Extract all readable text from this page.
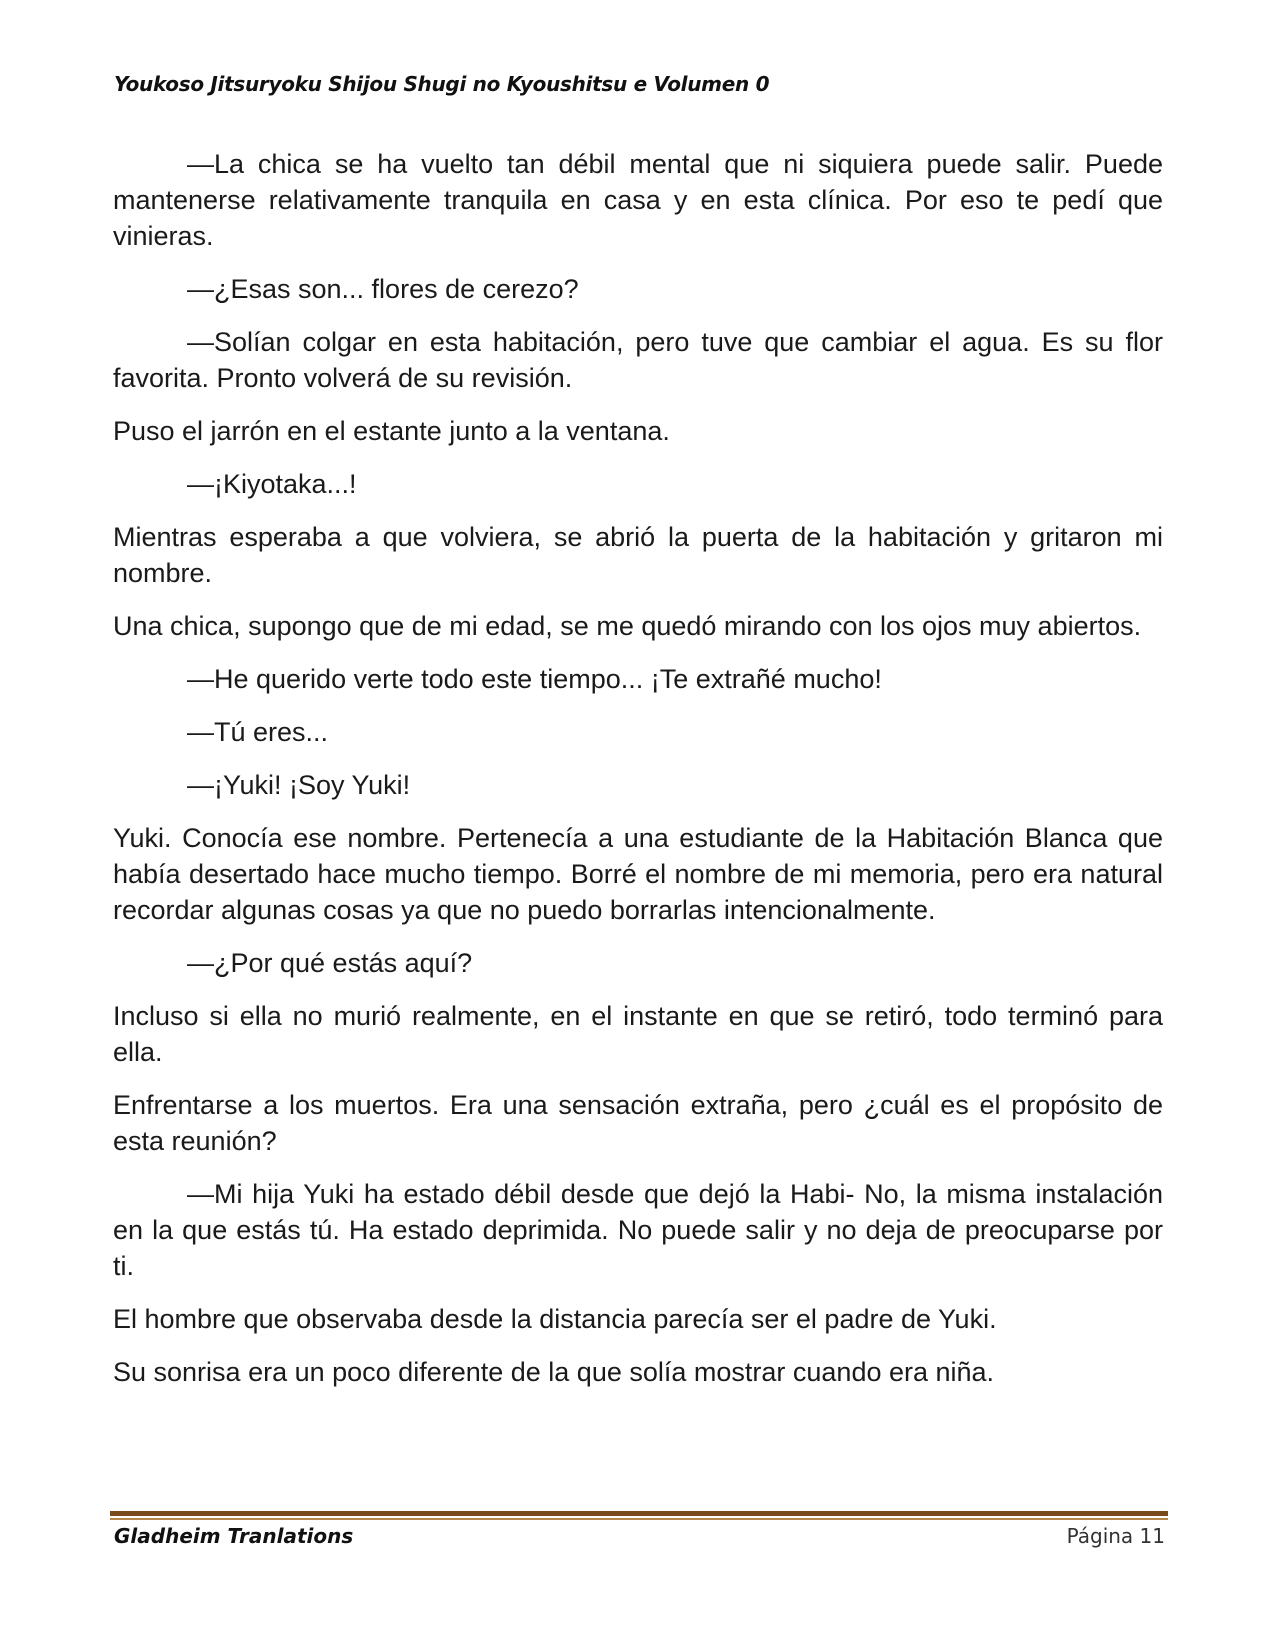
Youkoso Jitsuryoku Shijou Shugi no Kyoushitsu e Volumen 0

—La chica se ha vuelto tan débil mental que ni siquiera puede salir. Puede mantenerse relativamente tranquila en casa y en esta clínica. Por eso te pedí que vinieras.

—¿Esas son... flores de cerezo?

—Solían colgar en esta habitación, pero tuve que cambiar el agua. Es su flor favorita. Pronto volverá de su revisión.

Puso el jarrón en el estante junto a la ventana.

—¡Kiyotaka...!

Mientras esperaba a que volviera, se abrió la puerta de la habitación y gritaron mi nombre.

Una chica, supongo que de mi edad, se me quedó mirando con los ojos muy abiertos.

—He querido verte todo este tiempo... ¡Te extrañé mucho!

—Tú eres...

—¡Yuki! ¡Soy Yuki!

Yuki. Conocía ese nombre. Pertenecía a una estudiante de la Habitación Blanca que había desertado hace mucho tiempo. Borré el nombre de mi memoria, pero era natural recordar algunas cosas ya que no puedo borrarlas intencionalmente.

—¿Por qué estás aquí?

Incluso si ella no murió realmente, en el instante en que se retiró, todo terminó para ella.

Enfrentarse a los muertos. Era una sensación extraña, pero ¿cuál es el propósito de esta reunión?

—Mi hija Yuki ha estado débil desde que dejó la Habi- No, la misma instalación en la que estás tú. Ha estado deprimida. No puede salir y no deja de preocuparse por ti.

El hombre que observaba desde la distancia parecía ser el padre de Yuki.

Su sonrisa era un poco diferente de la que solía mostrar cuando era niña.

Gladheim Tranlations	Página 11
